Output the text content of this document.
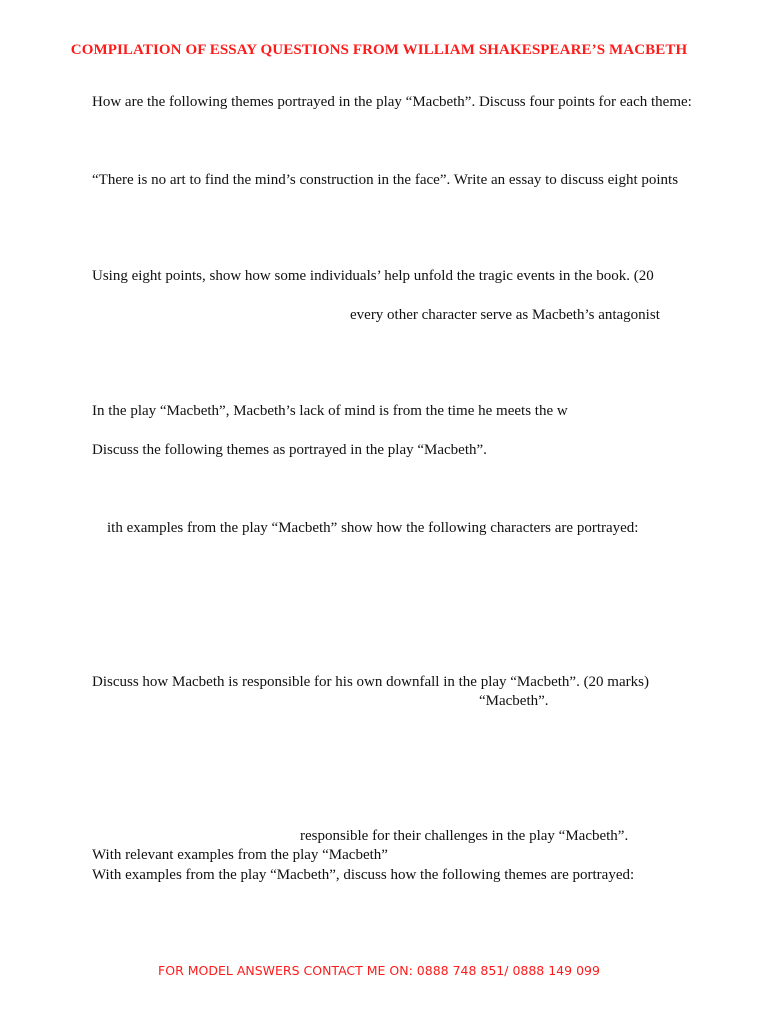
COMPILATION OF ESSAY QUESTIONS FROM WILLIAM SHAKESPEARE’S MACBETH
How are the following themes portrayed in the play “Macbeth”. Discuss four points for each theme:
“There is no art to find the mind’s construction in the face”. Write an essay to discuss eight points
Using eight points, show how some individuals’ help unfold the tragic events in the book. (20
every other character serve as Macbeth’s antagonist
In the play “Macbeth”, Macbeth’s lack of mind is from the time he meets the w
Discuss the following themes as portrayed in the play “Macbeth”.
ith examples from the play “Macbeth” show how the following characters are portrayed:
Discuss how Macbeth is responsible for his own downfall in the play “Macbeth”. (20 marks)
“Macbeth”.
responsible for their challenges in the play “Macbeth”.
With relevant examples from the play “Macbeth”
With examples from the play “Macbeth”, discuss how the following themes are portrayed:
FOR MODEL ANSWERS CONTACT ME ON: 0888 748 851/ 0888 149 099
